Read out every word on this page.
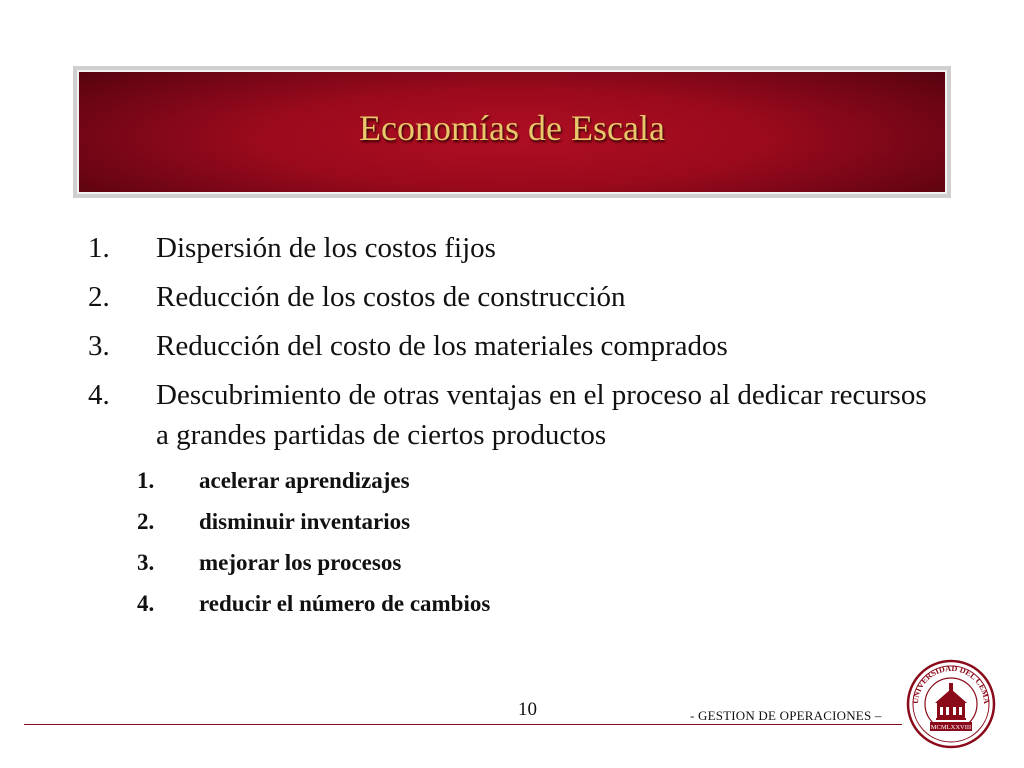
Economías de Escala
1.	Dispersión de los costos fijos
2.	Reducción de los costos de construcción
3.	Reducción del costo de los materiales comprados
4.	Descubrimiento de otras ventajas en el proceso al dedicar recursos a grandes partidas de ciertos productos
1.	acelerar aprendizajes
2.	disminuir inventarios
3.	mejorar los procesos
4.	reducir el número de cambios
10	- GESTION DE OPERACIONES –
UNIVERSIDAD DEL CEMA
MCMLXXVIII
